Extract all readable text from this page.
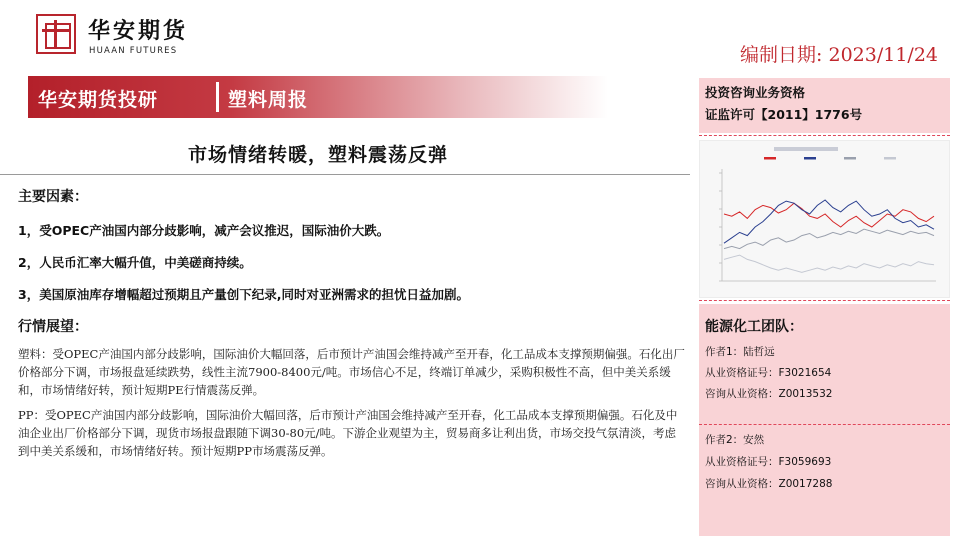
华安期货
HUAAN FUTURES	编制日期: 2023/11/24
华安期货投研	塑料周报
市场情绪转暖，塑料震荡反弹
主要因素：
1，受OPEC产油国内部分歧影响，减产会议推迟，国际油价大跌。
2，人民币汇率大幅升值，中美磋商持续。
3，美国原油库存增幅超过预期且产量创下纪录,同时对亚洲需求的担忧日益加剧。
行情展望：
塑料：受OPEC产油国内部分歧影响，国际油价大幅回落，后市预计产油国会维持减产至开春，化工品成本支撑预期偏强。石化出厂价格部分下调，市场报盘延续跌势，线性主流7900-8400元/吨。市场信心不足，终端订单减少，采购积极性不高，但中美关系缓和，市场情绪好转，预计短期PE行情震荡反弹。
PP：受OPEC产油国内部分歧影响，国际油价大幅回落，后市预计产油国会维持减产至开春，化工品成本支撑预期偏强。石化及中油企业出厂价格部分下调，现货市场报盘跟随下调30-80元/吨。下游企业观望为主，贸易商多让利出货，市场交投气氛清淡，考虑到中美关系缓和，市场情绪好转。预计短期PP市场震荡反弹。
投资咨询业务资格
证监许可【2011】1776号
能源化工团队：
作者1：陆哲远
从业资格证号：F3021654
咨询从业资格：Z0013532
作者2：安然
从业资格证号：F3059693
咨询从业资格：Z0017288
